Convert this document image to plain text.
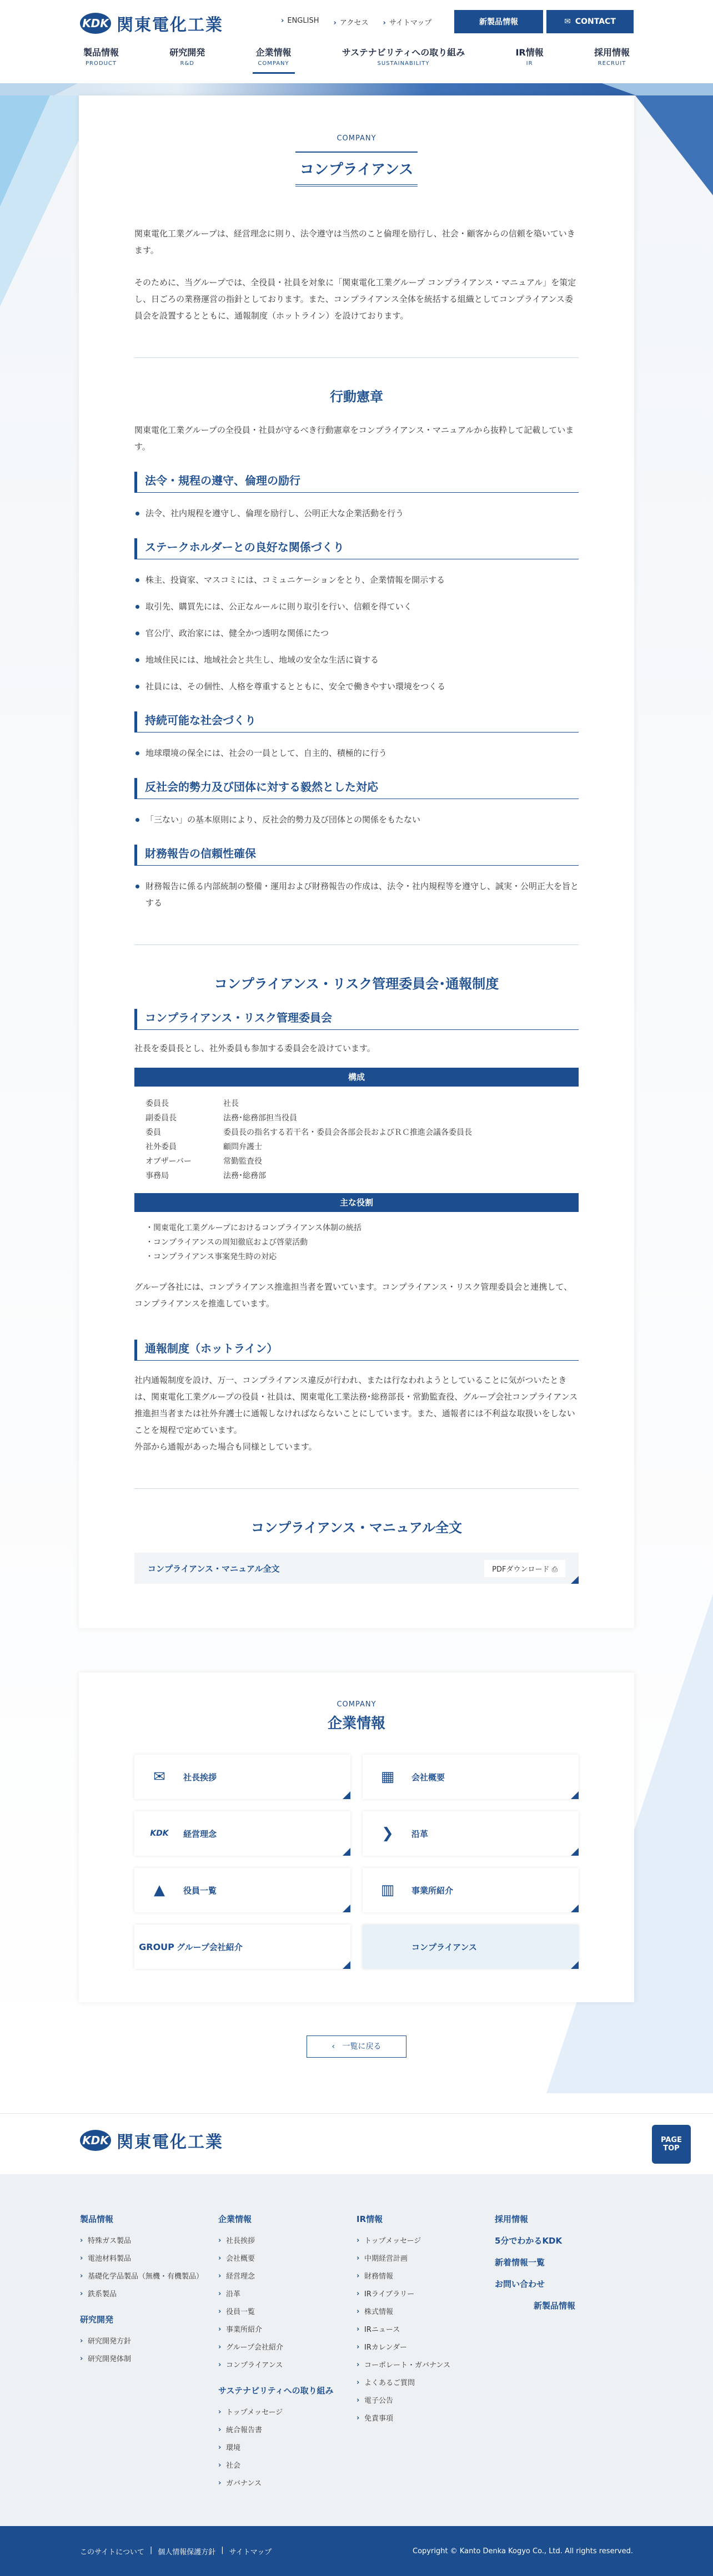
KDK 関東電化工業	› ENGLISH	› アクセス	› サイトマップ	新製品情報	✉ CONTACT
製品情報
PRODUCT
研究開発
R&D
企業情報
COMPANY
サステナビリティへの取り組み
SUSTAINABILITY
IR情報
IR
採用情報
RECRUIT
COMPANY
コンプライアンス

関東電化工業グループは、経営理念に則り、法令遵守は当然のこと倫理を励行し、社会・顧客からの信頼を築いていきます。

そのために、当グループでは、全役員・社員を対象に「関東電化工業グループ コンプライアンス・マニュアル」を策定し、日ごろの業務運営の指針としております。また、コンプライアンス全体を統括する組織としてコンプライアンス委員会を設置するとともに、通報制度（ホットライン）を設けております。

行動憲章

関東電化工業グループの全役員・社員が守るべき行動憲章をコンプライアンス・マニュアルから抜粋して記載しています。

法令・規程の遵守、倫理の励行
法令、社内規程を遵守し、倫理を励行し、公明正大な企業活動を行う
ステークホルダーとの良好な関係づくり
株主、投資家、マスコミには、コミュニケーションをとり、企業情報を開示する
取引先、購買先には、公正なルールに則り取引を行い、信頼を得ていく
官公庁、政治家には、健全かつ透明な関係にたつ
地域住民には、地域社会と共生し、地域の安全な生活に資する
社員には、その個性、人格を尊重するとともに、安全で働きやすい環境をつくる
持続可能な社会づくり
地球環境の保全には、社会の一員として、自主的、積極的に行う
反社会的勢力及び団体に対する毅然とした対応
「三ない」の基本原則により、反社会的勢力及び団体との関係をもたない
財務報告の信頼性確保
財務報告に係る内部統制の整備・運用および財務報告の作成は、法令・社内規程等を遵守し、誠実・公明正大を旨とする
コンプライアンス・リスク管理委員会･通報制度
コンプライアンス・リスク管理委員会

社長を委員長とし、社外委員も参加する委員会を設けています。

構成
委員長	社長
副委員長	法務･総務部担当役員
委員	委員長の指名する若干名・委員会各部会長およびＲＣ推進会議各委員長
社外委員	顧問弁護士
オブザーバー	常勤監査役
事務局	法務･総務部
主な役割
・関東電化工業グループにおけるコンプライアンス体制の統括
・コンプライアンスの周知徹底および啓蒙活動
・コンプライアンス事案発生時の対応

グループ各社には、コンプライアンス推進担当者を置いています。コンプライアンス・リスク管理委員会と連携して、コンプライアンスを推進しています。

通報制度（ホットライン）

社内通報制度を設け、万一、コンプライアンス違反が行われ、または行なわれようとしていることに気がついたときは、関東電化工業グループの役員・社員は、関東電化工業法務･総務部長・常勤監査役、グループ会社コンプライアンス推進担当者または社外弁護士に通報しなければならないことにしています。また、通報者には不利益な取扱いをしないことを規程で定めています。

外部から通報があった場合も同様としています。

コンプライアンス・マニュアル全文
コンプライアンス・マニュアル全文	PDFダウンロード ⎙
COMPANY
企業情報
✉	社長挨拶	▦	会社概要
KDK	経営理念	❯	沿革
▲	役員一覧	▥	事業所紹介
GROUP グループ会社紹介	コンプライアンス
‹ 一覧に戻る
KDK 関東電化工業	PAGE
TOP
製品情報
› 特殊ガス製品
› 電池材料製品
› 基礎化学品製品（無機・有機製品）
› 鉄系製品
研究開発
› 研究開発方針
› 研究開発体制
企業情報
› 社長挨拶
› 会社概要
› 経営理念
› 沿革
› 役員一覧
› 事業所紹介
› グループ会社紹介
› コンプライアンス
サステナビリティへの取り組み
› トップメッセージ
› 統合報告書
› 環境
› 社会
› ガバナンス
IR情報
› トップメッセージ
› 中期経営計画
› 財務情報
› IRライブラリー
› 株式情報
› IRニュース
› IRカレンダー
› コーポレート・ガバナンス
› よくあるご質問
› 電子公告
› 免責事項
採用情報
5分でわかるKDK
新着情報一覧
お問い合わせ
新製品情報
このサイトについて | 個人情報保護方針 | サイトマップ	Copyright © Kanto Denka Kogyo Co., Ltd. All rights reserved.
